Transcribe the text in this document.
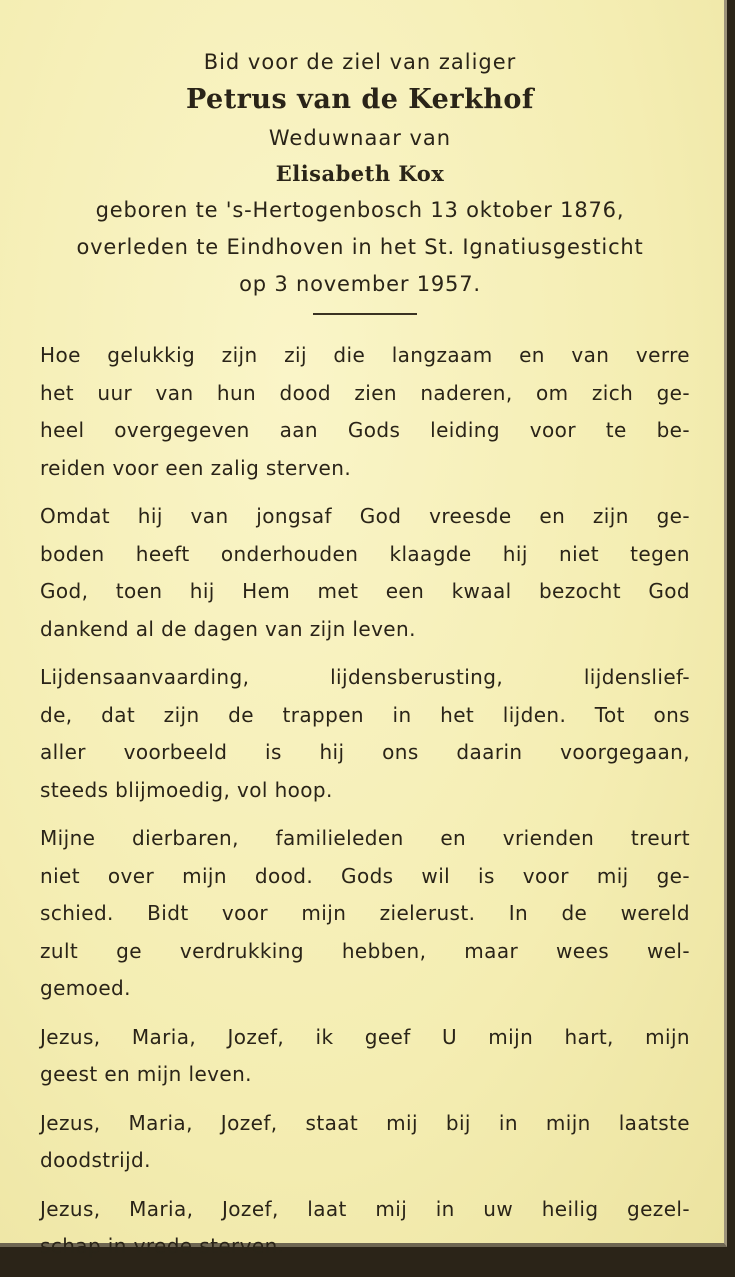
Bid voor de ziel van zaliger
Petrus van de Kerkhof
Weduwnaar van
Elisabeth Kox
geboren te 's-Hertogenbosch 13 oktober 1876,
overleden te Eindhoven in het St. Ignatiusgesticht
op 3 november 1957.
Hoe gelukkig zijn zij die langzaam en van verre
het uur van hun dood zien naderen, om zich ge-
heel overgegeven aan Gods leiding voor te be-
reiden voor een zalig sterven.
Omdat hij van jongsaf God vreesde en zijn ge-
boden heeft onderhouden klaagde hij niet tegen
God, toen hij Hem met een kwaal bezocht God
dankend al de dagen van zijn leven.
Lijdensaanvaarding, lijdensberusting, lijdenslief-
de, dat zijn de trappen in het lijden. Tot ons
aller voorbeeld is hij ons daarin voorgegaan,
steeds blijmoedig, vol hoop.
Mijne dierbaren, familieleden en vrienden treurt
niet over mijn dood. Gods wil is voor mij ge-
schied. Bidt voor mijn zielerust. In de wereld
zult ge verdrukking hebben, maar wees wel-
gemoed.
Jezus, Maria, Jozef, ik geef U mijn hart, mijn
geest en mijn leven.
Jezus, Maria, Jozef, staat mij bij in mijn laatste
doodstrijd.
Jezus, Maria, Jozef, laat mij in uw heilig gezel-
schap in vrede sterven.
